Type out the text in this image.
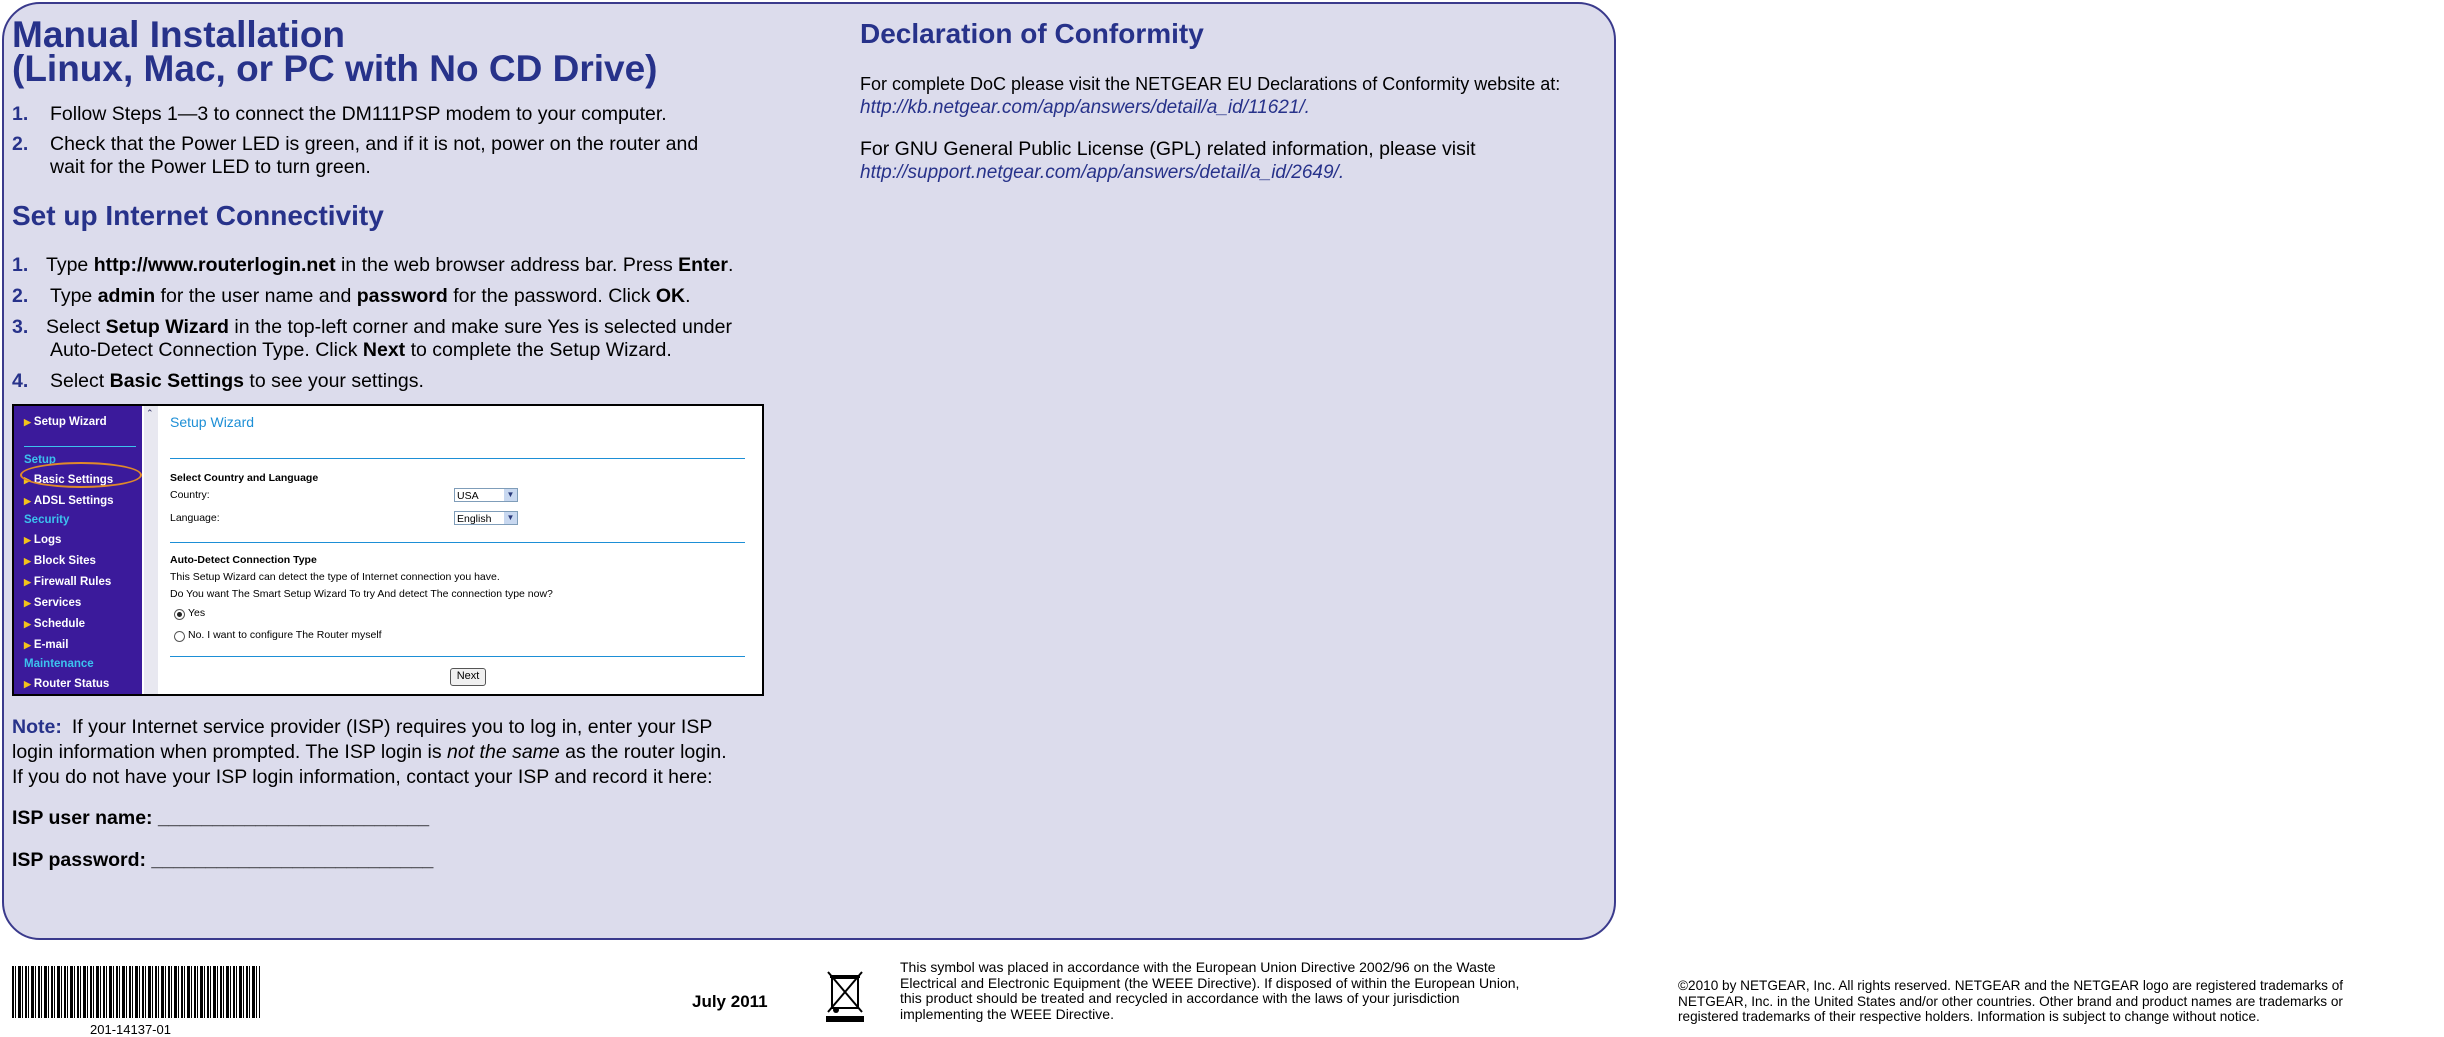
Manual Installation
(Linux, Mac, or PC with No CD Drive)
1. Follow Steps 1—3 to connect the DM111PSP modem to your computer.
2. Check that the Power LED is green, and if it is not, power on the router and
wait for the Power LED to turn green.
Set up Internet Connectivity
1. Type http://www.routerlogin.net in the web browser address bar. Press Enter.
2. Type admin for the user name and password for the password. Click OK.
3. Select Setup Wizard in the top-left corner and make sure Yes is selected under
Auto-Detect Connection Type. Click Next to complete the Setup Wizard.
4. Select Basic Settings to see your settings.
▶ Setup Wizard
Setup
▶ Basic Settings
▶ ADSL Settings
Security
▶ Logs
▶ Block Sites
▶ Firewall Rules
▶ Services
▶ Schedule
▶ E-mail
Maintenance
▶ Router Status
⌃
Setup Wizard
Select Country and Language
Country:	USA	▼
Language:	English	▼
Auto-Detect Connection Type
This Setup Wizard can detect the type of Internet connection you have.
Do You want The Smart Setup Wizard To try And detect The connection type now?
Yes
No. I want to configure The Router myself
Next
Note: If your Internet service provider (ISP) requires you to log in, enter your ISP
login information when prompted. The ISP login is not the same as the router login.
If you do not have your ISP login information, contact your ISP and record it here:
ISP user name: _________________________
ISP password: __________________________
Declaration of Conformity
For complete DoC please visit the NETGEAR EU Declarations of Conformity website at:
http://kb.netgear.com/app/answers/detail/a_id/11621/.
For GNU General Public License (GPL) related information, please visit
http://support.netgear.com/app/answers/detail/a_id/2649/.
201-14137-01
July 2011
This symbol was placed in accordance with the European Union Directive 2002/96 on the Waste
Electrical and Electronic Equipment (the WEEE Directive). If disposed of within the European Union,
this product should be treated and recycled in accordance with the laws of your jurisdiction
implementing the WEEE Directive.
©2010 by NETGEAR, Inc. All rights reserved. NETGEAR and the NETGEAR logo are registered trademarks of
NETGEAR, Inc. in the United States and/or other countries. Other brand and product names are trademarks or
registered trademarks of their respective holders. Information is subject to change without notice.
